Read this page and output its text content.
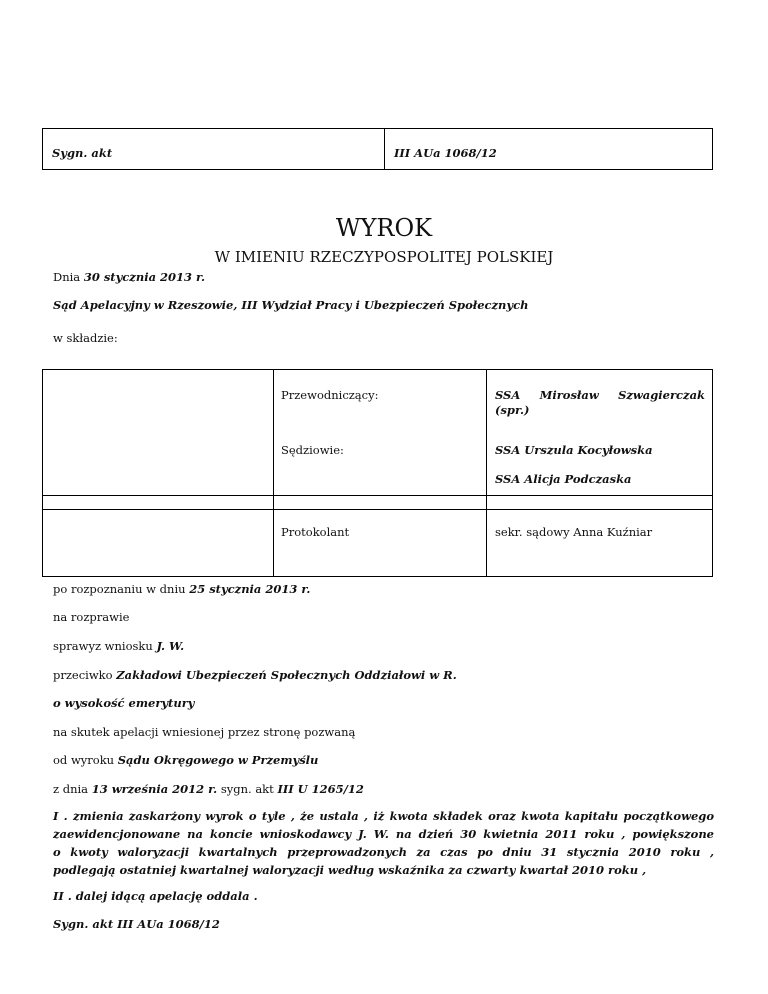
Sygn. akt	III AUa 1068/12
WYROK
W IMIENIU RZECZYPOSPOLITEJ POLSKIEJ
Dnia 30 stycznia 2013 r.
Sąd Apelacyjny w Rzeszowie, III Wydział Pracy i Ubezpieczeń Społecznych
w składzie:
Przewodniczący:	SSA Mirosław Szwagierczak
(spr.)
Sędziowie:	SSA Urszula Kocyłowska
SSA Alicja Podczaska
Protokolant	sekr. sądowy Anna Kuźniar
po rozpoznaniu w dniu 25 stycznia 2013 r.
na rozprawie
sprawyz wniosku J. W.
przeciwko Zakładowi Ubezpieczeń Społecznych Oddziałowi w R.
o wysokość emerytury
na skutek apelacji wniesionej przez stronę pozwaną
od wyroku Sądu Okręgowego w Przemyślu
z dnia 13 września 2012 r. sygn. akt III U 1265/12
I . zmienia zaskarżony wyrok o tyle , że ustala , iż kwota składek oraz kwota kapitału początkowego
zaewidencjonowane na koncie wnioskodawcy J. W. na dzień 30 kwietnia 2011 roku , powiększone
o kwoty waloryzacji kwartalnych przeprowadzonych za czas po dniu 31 stycznia 2010 roku ,
podlegają ostatniej kwartalnej waloryzacji według wskaźnika za czwarty kwartał 2010 roku ,
II . dalej idącą apelację oddala .
Sygn. akt III AUa 1068/12
